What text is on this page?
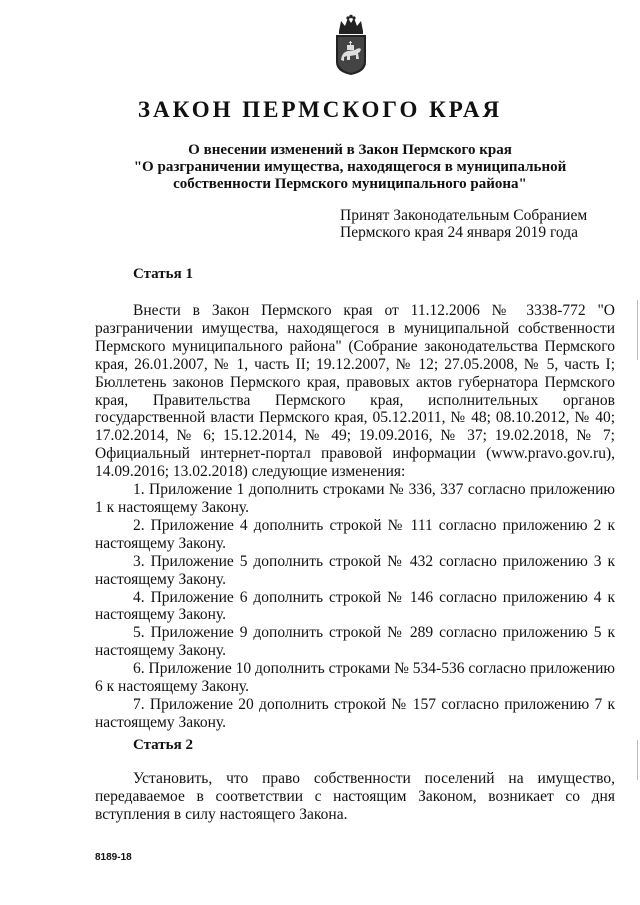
ЗАКОН ПЕРМСКОГО КРАЯ
О внесении изменений в Закон Пермского края
"О разграничении имущества, находящегося в муниципальной
собственности Пермского муниципального района"
Принят Законодательным Собранием
Пермского края 24 января 2019 года
Статья 1

Внести в Закон Пермского края от 11.12.2006 № 3338-772 "О разграничении имущества, находящегося в муниципальной собственности Пермского муниципального района" (Собрание законодательства Пермского края, 26.01.2007, № 1, часть II; 19.12.2007, № 12; 27.05.2008, № 5, часть I; Бюллетень законов Пермского края, правовых актов губернатора Пермского края, Правительства Пермского края, исполнительных органов государственной власти Пермского края, 05.12.2011, № 48; 08.10.2012, № 40; 17.02.2014, № 6; 15.12.2014, № 49; 19.09.2016, № 37; 19.02.2018, № 7; Официальный интернет-портал правовой информации (www.pravo.gov.ru), 14.09.2016; 13.02.2018) следующие изменения:

1. Приложение 1 дополнить строками № 336, 337 согласно приложению 1 к настоящему Закону.

2. Приложение 4 дополнить строкой № 111 согласно приложению 2 к настоящему Закону.

3. Приложение 5 дополнить строкой № 432 согласно приложению 3 к настоящему Закону.

4. Приложение 6 дополнить строкой № 146 согласно приложению 4 к настоящему Закону.

5. Приложение 9 дополнить строкой № 289 согласно приложению 5 к настоящему Закону.

6. Приложение 10 дополнить строками № 534-536 согласно приложению 6 к настоящему Закону.

7. Приложение 20 дополнить строкой № 157 согласно приложению 7 к настоящему Закону.

Статья 2

Установить, что право собственности поселений на имущество, передаваемое в соответствии с настоящим Законом, возникает со дня вступления в силу настоящего Закона.

8189-18
